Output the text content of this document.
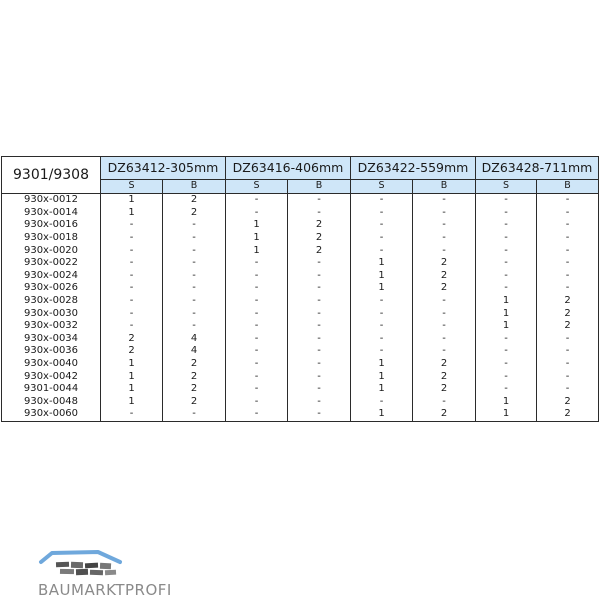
9301/9308	DZ63412-305mm		DZ63416-406mm		DZ63422-559mm		DZ63428-711mm	
	S	B	S	B	S	B	S	B
930x-0012	1	2	-	-	-	-	-	-
930x-0014	1	2	-	-	-	-	-	-
930x-0016	-	-	1	2	-	-	-	-
930x-0018	-	-	1	2	-	-	-	-
930x-0020	-	-	1	2	-	-	-	-
930x-0022	-	-	-	-	1	2	-	-
930x-0024	-	-	-	-	1	2	-	-
930x-0026	-	-	-	-	1	2	-	-
930x-0028	-	-	-	-	-	-	1	2
930x-0030	-	-	-	-	-	-	1	2
930x-0032	-	-	-	-	-	-	1	2
930x-0034	2	4	-	-	-	-	-	-
930x-0036	2	4	-	-	-	-	-	-
930x-0040	1	2	-	-	1	2	-	-
930x-0042	1	2	-	-	1	2	-	-
9301-0044	1	2	-	-	1	2	-	-
930x-0048	1	2	-	-	-	-	1	2
930x-0060	-	-	-	-	1	2	1	2
BAUMARKTPROFI
